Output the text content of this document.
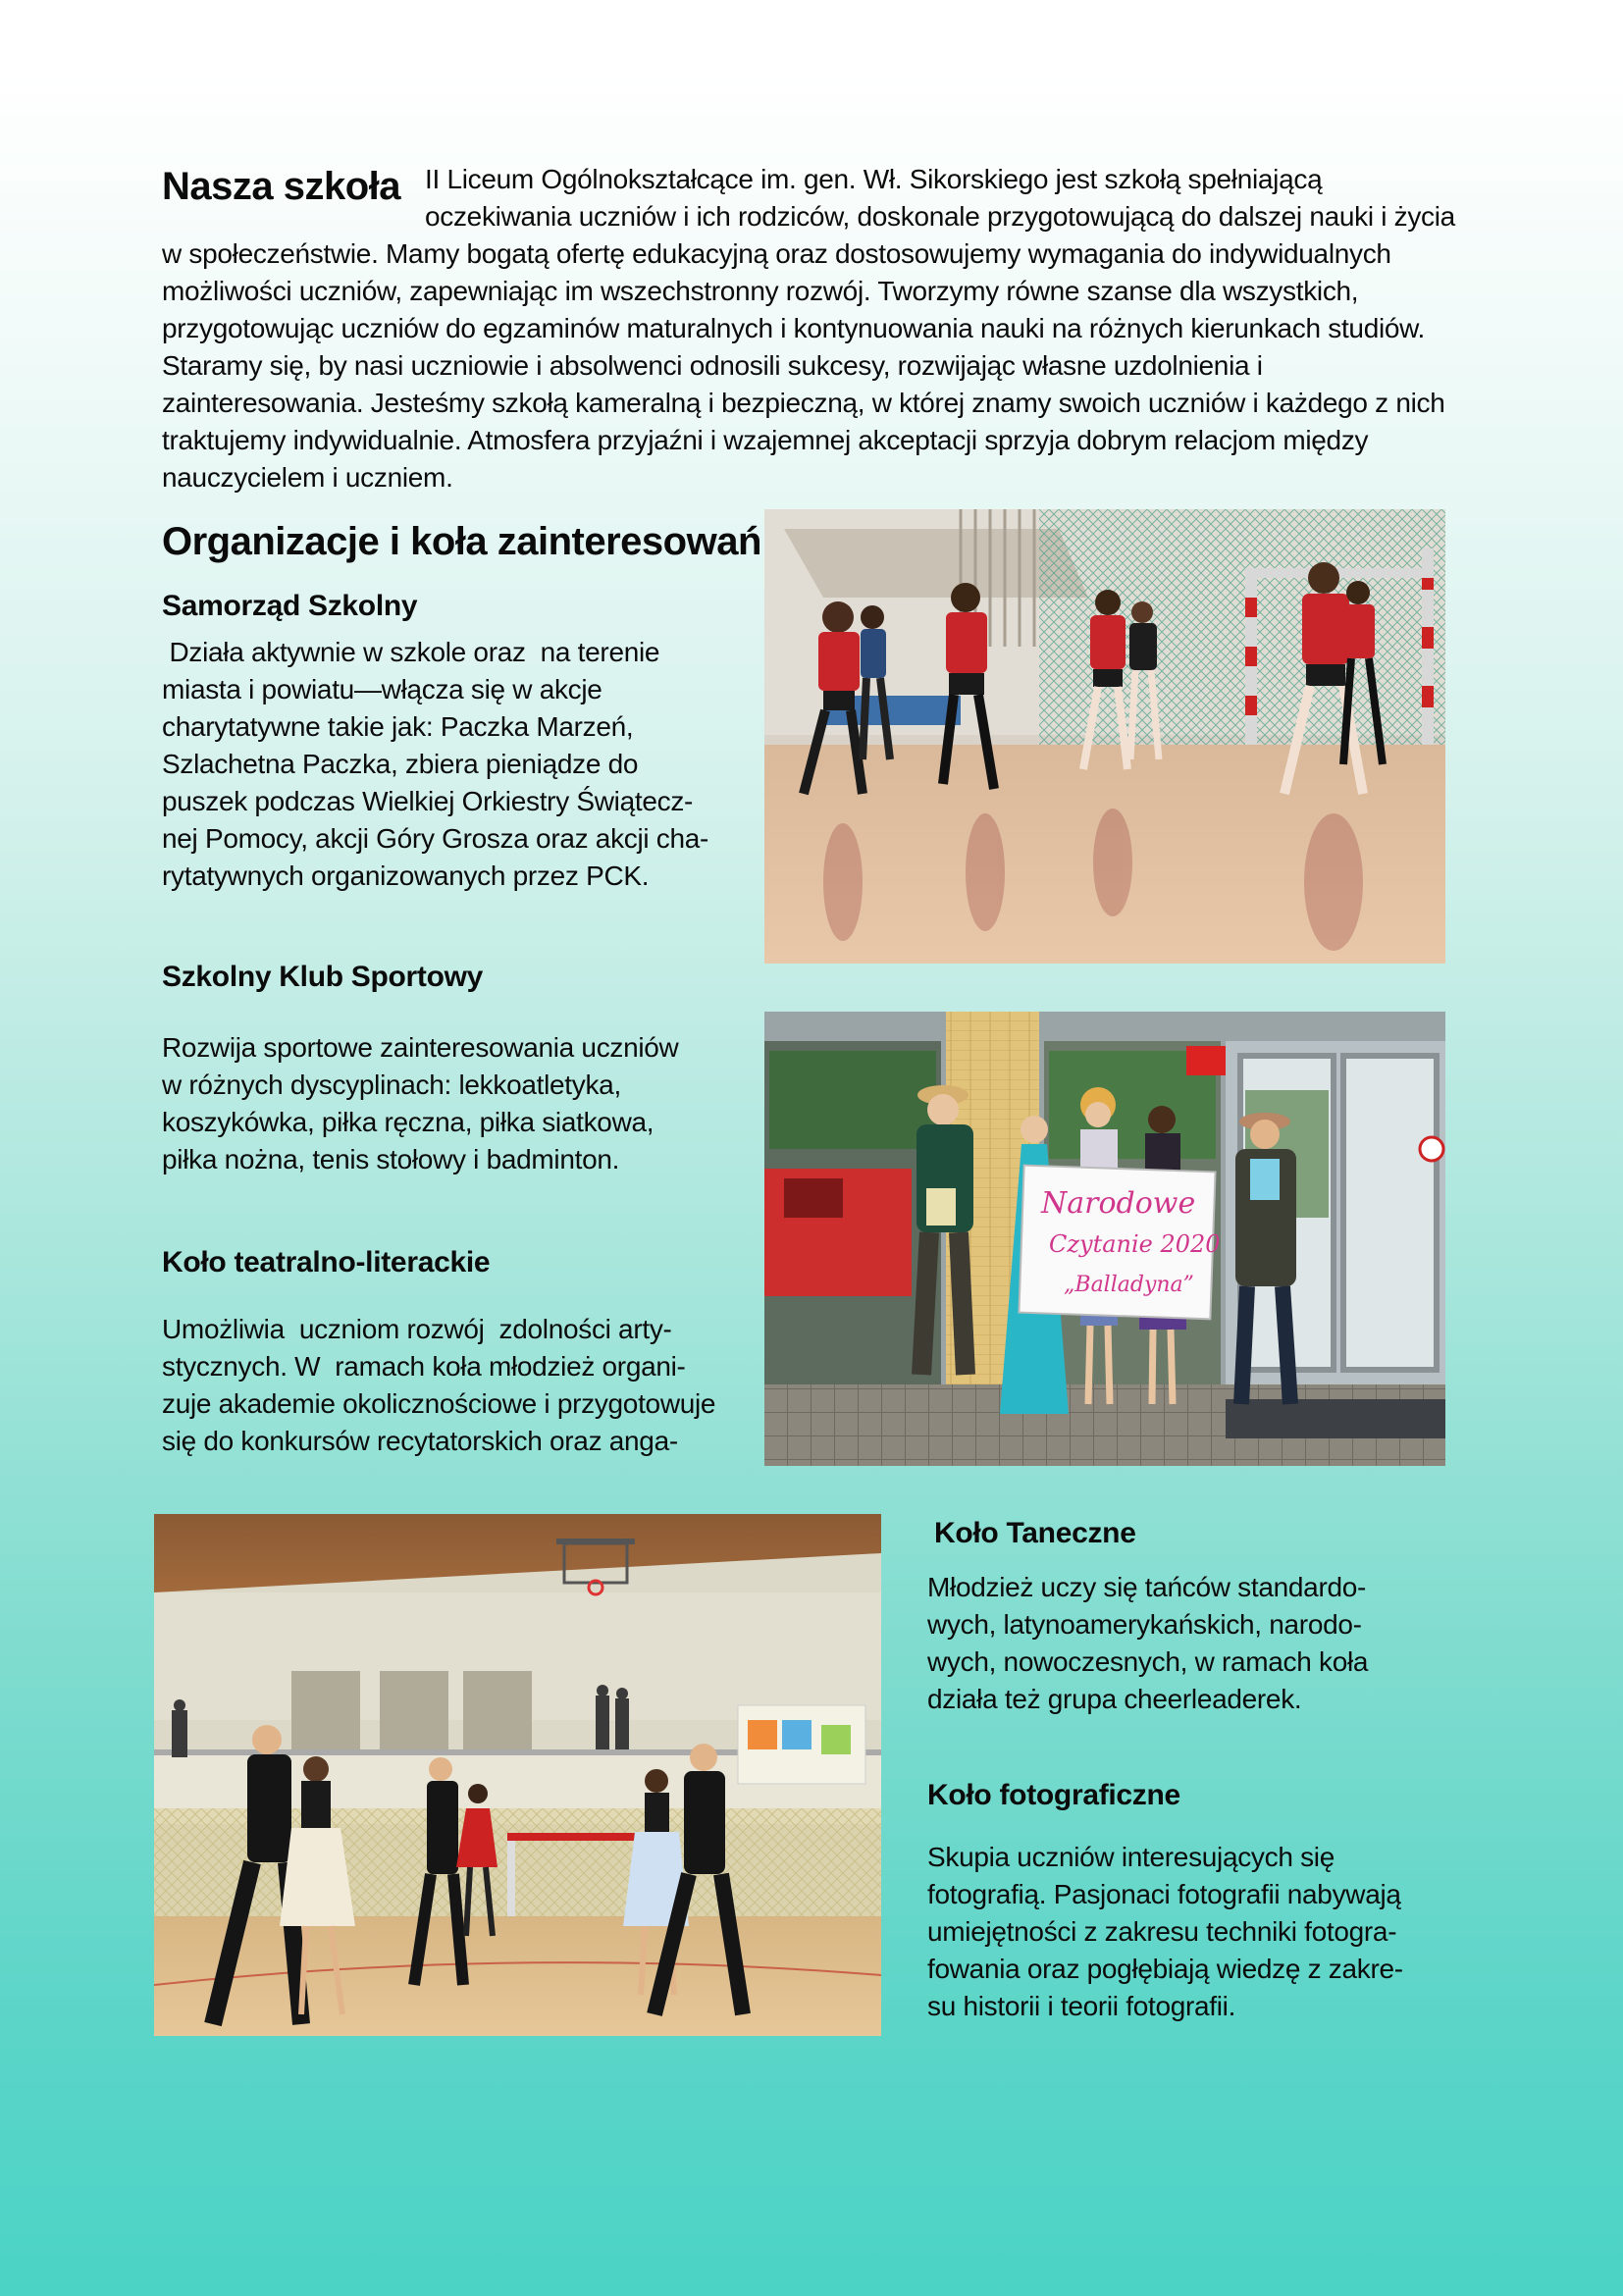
Nasza szkoła II Liceum Ogólnokształcące im. gen. Wł. Sikorskiego jest szkołą spełniającą
oczekiwania uczniów i ich rodziców, doskonale przygotowującą do dalszej nauki i życia
w społeczeństwie. Mamy bogatą ofertę edukacyjną oraz dostosowujemy wymagania do indywidualnych
możliwości uczniów, zapewniając im wszechstronny rozwój. Tworzymy równe szanse dla wszystkich,
przygotowując uczniów do egzaminów maturalnych i kontynuowania nauki na różnych kierunkach studiów.
Staramy się, by nasi uczniowie i absolwenci odnosili sukcesy, rozwijając własne uzdolnienia i
zainteresowania. Jesteśmy szkołą kameralną i bezpieczną, w której znamy swoich uczniów i każdego z nich
traktujemy indywidualnie. Atmosfera przyjaźni i wzajemnej akceptacji sprzyja dobrym relacjom między
nauczycielem i uczniem.
Organizacje i koła zainteresowań
Samorząd Szkolny
Działa aktywnie w szkole oraz  na terenie
miasta i powiatu—włącza się w akcje
charytatywne takie jak: Paczka Marzeń,
Szlachetna Paczka, zbiera pieniądze do
puszek podczas Wielkiej Orkiestry Świątecz-
nej Pomocy, akcji Góry Grosza oraz akcji cha-
rytatywnych organizowanych przez PCK.
Szkolny Klub Sportowy
Rozwija sportowe zainteresowania uczniów
w różnych dyscyplinach: lekkoatletyka,
koszykówka, piłka ręczna, piłka siatkowa,
piłka nożna, tenis stołowy i badminton.
Koło teatralno-literackie
Umożliwia  uczniom rozwój  zdolności arty-
stycznych. W  ramach koła młodzież organi-
zuje akademie okolicznościowe i przygotowuje
się do konkursów recytatorskich oraz anga-
Koło Taneczne
Młodzież uczy się tańców standardo-
wych, latynoamerykańskich, narodo-
wych, nowoczesnych, w ramach koła
działa też grupa cheerleaderek.
Koło fotograficzne
Skupia uczniów interesujących się
fotografią. Pasjonaci fotografii nabywają
umiejętności z zakresu techniki fotogra-
fowania oraz pogłębiają wiedzę z zakre-
su historii i teorii fotografii.
Narodowe
Czytanie 2020
„Balladyna”
